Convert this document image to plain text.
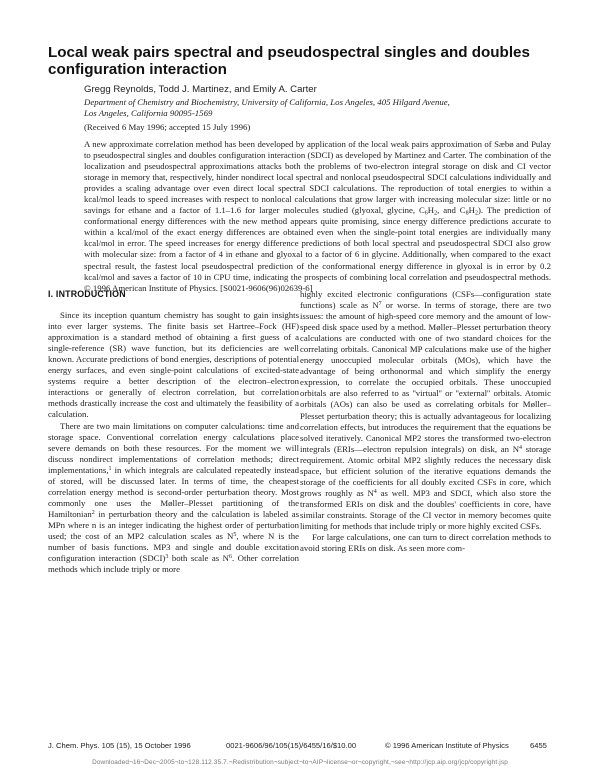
Local weak pairs spectral and pseudospectral singles and doubles configuration interaction
Gregg Reynolds, Todd J. Martinez, and Emily A. Carter
Department of Chemistry and Biochemistry, University of California, Los Angeles, 405 Hilgard Avenue,
Los Angeles, California 90095-1569
(Received 6 May 1996; accepted 15 July 1996)

A new approximate correlation method has been developed by application of the local weak pairs approximation of Sæbø and Pulay to pseudospectral singles and doubles configuration interaction (SDCI) as developed by Martinez and Carter. The combination of the localization and pseudospectral approximations attacks both the problems of two-electron integral storage on disk and CI vector storage in memory that, respectively, hinder nondirect local spectral and nonlocal pseudospectral SDCI calculations individually and provides a scaling advantage over even direct local spectral SDCI calculations. The reproduction of total energies to within a kcal/mol leads to speed increases with respect to nonlocal calculations that grow larger with increasing molecular size: little or no savings for ethane and a factor of 1.1–1.6 for larger molecules studied (glyoxal, glycine, $C_6H_2$, and $C_8H_2$). The prediction of conformational energy differences with the new method appears quite promising, since energy difference predictions accurate to within a kcal/mol of the exact energy differences are obtained even when the single-point total energies are individually many kcal/mol in error. The speed increases for energy difference predictions of both local spectral and pseudospectral SDCI also grow with molecular size: from a factor of 4 in ethane and glyoxal to a factor of 6 in glycine. Additionally, when compared to the exact spectral result, the fastest local pseudospectral prediction of the conformational energy difference in glyoxal is in error by 0.2 kcal/mol and saves a factor of 10 in CPU time, indicating the prospects of combining local correlation and pseudospectral methods. © 1996 American Institute of Physics. [S0021-9606(96)02639-6]

I. INTRODUCTION

Since its inception quantum chemistry has sought to gain insights into ever larger systems. The finite basis set Hartree–Fock (HF) approximation is a standard method of obtaining a first guess of a single-reference (SR) wave function, but its deficiencies are well known. Accurate predictions of bond energies, descriptions of potential energy surfaces, and even single-point calculations of excited-state systems require a better description of the electron–electron interactions or generally of electron correlation, but correlation methods drastically increase the cost and ultimately the feasibility of a calculation.

There are two main limitations on computer calculations: time and storage space. Conventional correlation energy calculations place severe demands on both these resources. For the moment we will discuss nondirect implementations of correlation methods; direct implementations,$^1$ in which integrals are calculated repeatedly instead of stored, will be discussed later. In terms of time, the cheapest correlation energy method is second-order perturbation theory. Most commonly one uses the Møller–Plesset partitioning of the Hamiltonian$^2$ in perturbation theory and the calculation is labeled as MPn where n is an integer indicating the highest order of perturbation used; the cost of an MP2 calculation scales as $N^5$, where N is the number of basis functions. MP3 and single and double excitation configuration interaction (SDCI)$^3$ both scale as $N^6$. Other correlation methods which include triply or more

highly excited electronic configurations (CSFs—configuration state functions) scale as $N^7$ or worse. In terms of storage, there are two issues: the amount of high-speed core memory and the amount of low-speed disk space used by a method. Møller–Plesset perturbation theory calculations are conducted with one of two standard choices for the correlating orbitals. Canonical MP calculations make use of the higher energy unoccupied molecular orbitals (MOs), which have the advantage of being orthonormal and which simplify the energy expression, to correlate the occupied orbitals. These unoccupied orbitals are also referred to as ''virtual'' or ''external'' orbitals. Atomic orbitals (AOs) can also be used as correlating orbitals for Møller–Plesset perturbation theory; this is actually advantageous for localizing correlation effects, but introduces the requirement that the equations be solved iteratively. Canonical MP2 stores the transformed two-electron integrals (ERIs—electron repulsion integrals) on disk, an $N^4$ storage requirement. Atomic orbital MP2 slightly reduces the necessary disk space, but efficient solution of the iterative equations demands the storage of the coefficients for all doubly excited CSFs in core, which grows roughly as $N^4$ as well. MP3 and SDCI, which also store the transformed ERIs on disk and the doubles' coefficients in core, have similar constraints. Storage of the CI vector in memory becomes quite limiting for methods that include triply or more highly excited CSFs.

For large calculations, one can turn to direct correlation methods to avoid storing ERIs on disk. As seen more com-

J. Chem. Phys. 105 (15), 15 October 1996	0021-9606/96/105(15)/6455/16/$10.00	© 1996 American Institute of Physics	6455
Downloaded¬16¬Dec¬2005¬to¬128.112.35.7.¬Redistribution¬subject¬to¬AIP¬license¬or¬copyright,¬see¬http://jcp.aip.org/jcp/copyright.jsp
